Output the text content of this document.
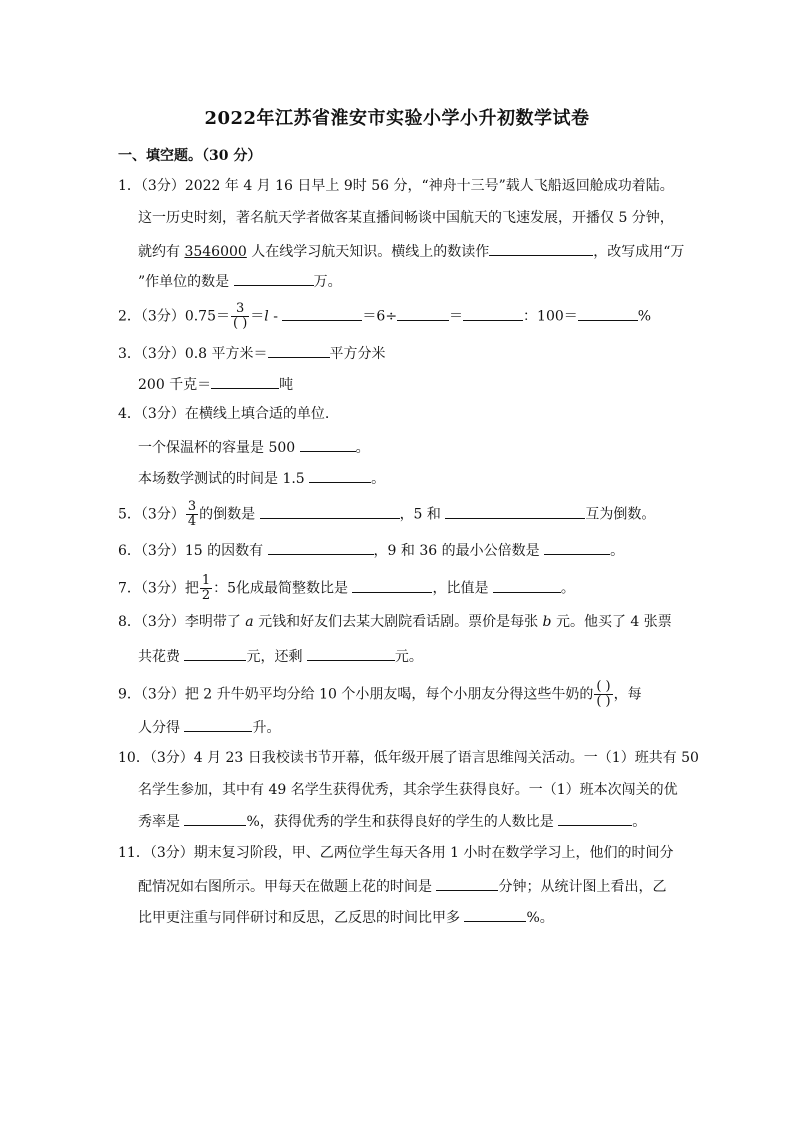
2022年江苏省淮安市实验小学小升初数学试卷
一、填空题。（30 分）
1．（3分）2022 年 4 月 16 日早上 9时 56 分，“神舟十三号”载人飞船返回舱成功着陆。
这一历史时刻，著名航天学者做客某直播间畅谈中国航天的飞速发展，开播仅 5 分钟，
就约有 3546000 人在线学习航天知识。横线上的数读作	，改写成用“万
”作单位的数是	万。
2．（3分）$0.75= \frac{3}{( )} =l$ -	＝6÷	＝	：100＝	%
3．（3分）0.8 平方米＝	平方分米
200 千克＝	吨
4．（3分）在横线上填合适的单位.
一个保温杯的容量是 500	。
本场数学测试的时间是 1.5	。
5．（3分） $\frac{3}{4}$ 的倒数是	，5 和	互为倒数。
6．（3分）15 的因数有	，9 和 36 的最小公倍数是	。
7．（3分）把 $\frac{1}{2}$ ：5化成最简整数比是	，比值是	。
8．（3分）李明带了 a 元钱和好友们去某大剧院看话剧。票价是每张 b 元。他买了 4 张票
共花费	元，还剩	元。
9．（3分）把 2 升牛奶平均分给 10 个小朋友喝，每个小朋友分得这些牛奶的 $\frac{( )}{( )}$ ，每
人分得	升。
10．（3分）4 月 23 日我校读书节开幕，低年级开展了语言思维闯关活动。一（1）班共有 50
名学生参加，其中有 49 名学生获得优秀，其余学生获得良好。一（1）班本次闯关的优
秀率是	%，获得优秀的学生和获得良好的学生的人数比是	。
11．（3分）期末复习阶段，甲、乙两位学生每天各用 1 小时在数学学习上，他们的时间分
配情况如右图所示。甲每天在做题上花的时间是	分钟；从统计图上看出，乙
比甲更注重与同伴研讨和反思，乙反思的时间比甲多	%。
